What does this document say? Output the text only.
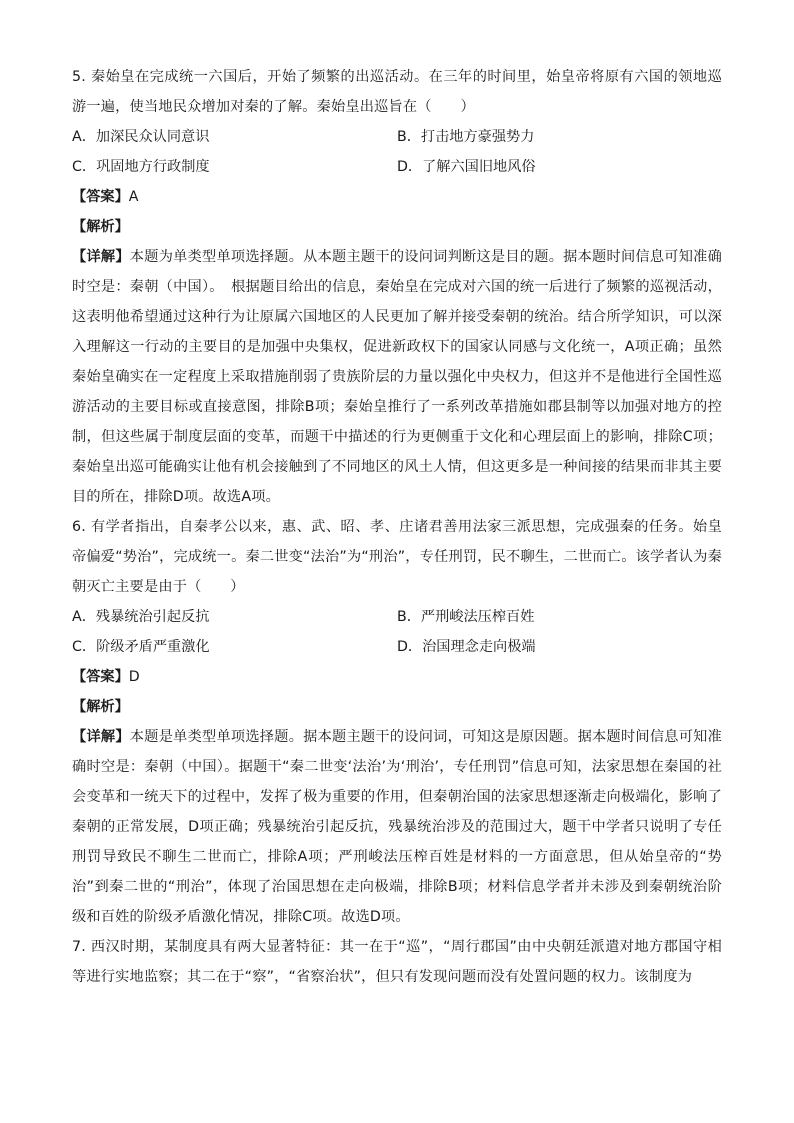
5. 秦始皇在完成统一六国后，开始了频繁的出巡活动。在三年的时间里，始皇帝将原有六国的领地巡游一遍，使当地民众增加对秦的了解。秦始皇出巡旨在（　　）

A．加深民众认同意识	B．打击地方豪强势力
C．巩固地方行政制度	D．了解六国旧地风俗
【答案】A
【解析】

【详解】本题为单类型单项选择题。从本题主题干的设问词判断这是目的题。据本题时间信息可知准确时空是：秦朝（中国）。　根据题目给出的信息，秦始皇在完成对六国的统一后进行了频繁的巡视活动，这表明他希望通过这种行为让原属六国地区的人民更加了解并接受秦朝的统治。结合所学知识，可以深入理解这一行动的主要目的是加强中央集权，促进新政权下的国家认同感与文化统一，A项正确；虽然秦始皇确实在一定程度上采取措施削弱了贵族阶层的力量以强化中央权力，但这并不是他进行全国性巡游活动的主要目标或直接意图，排除B项；秦始皇推行了一系列改革措施如郡县制等以加强对地方的控制，但这些属于制度层面的变革，而题干中描述的行为更侧重于文化和心理层面上的影响，排除C项；秦始皇出巡可能确实让他有机会接触到了不同地区的风土人情，但这更多是一种间接的结果而非其主要目的所在，排除D项。故选A项。

6. 有学者指出，自秦孝公以来，惠、武、昭、孝、庄诸君善用法家三派思想，完成强秦的任务。始皇帝偏爱“势治”，完成统一。秦二世变“法治”为“刑治”，专任刑罚，民不聊生，二世而亡。该学者认为秦朝灭亡主要是由于（　　）

A．残暴统治引起反抗	B．严刑峻法压榨百姓
C．阶级矛盾严重激化	D．治国理念走向极端
【答案】D
【解析】

【详解】本题是单类型单项选择题。据本题主题干的设问词，可知这是原因题。据本题时间信息可知准确时空是：秦朝（中国）。据题干“秦二世变‘法治’为‘刑治’，专任刑罚”信息可知，法家思想在秦国的社会变革和一统天下的过程中，发挥了极为重要的作用，但秦朝治国的法家思想逐渐走向极端化，影响了秦朝的正常发展，D项正确；残暴统治引起反抗，残暴统治涉及的范围过大，题干中学者只说明了专任刑罚导致民不聊生二世而亡，排除A项；严刑峻法压榨百姓是材料的一方面意思，但从始皇帝的“势治”到秦二世的“刑治”，体现了治国思想在走向极端，排除B项；材料信息学者并未涉及到秦朝统治阶级和百姓的阶级矛盾激化情况，排除C项。故选D项。

7. 西汉时期，某制度具有两大显著特征：其一在于“巡”，“周行郡国”由中央朝廷派遣对地方郡国守相等进行实地监察；其二在于“察”，“省察治状”，但只有发现问题而没有处置问题的权力。该制度为
